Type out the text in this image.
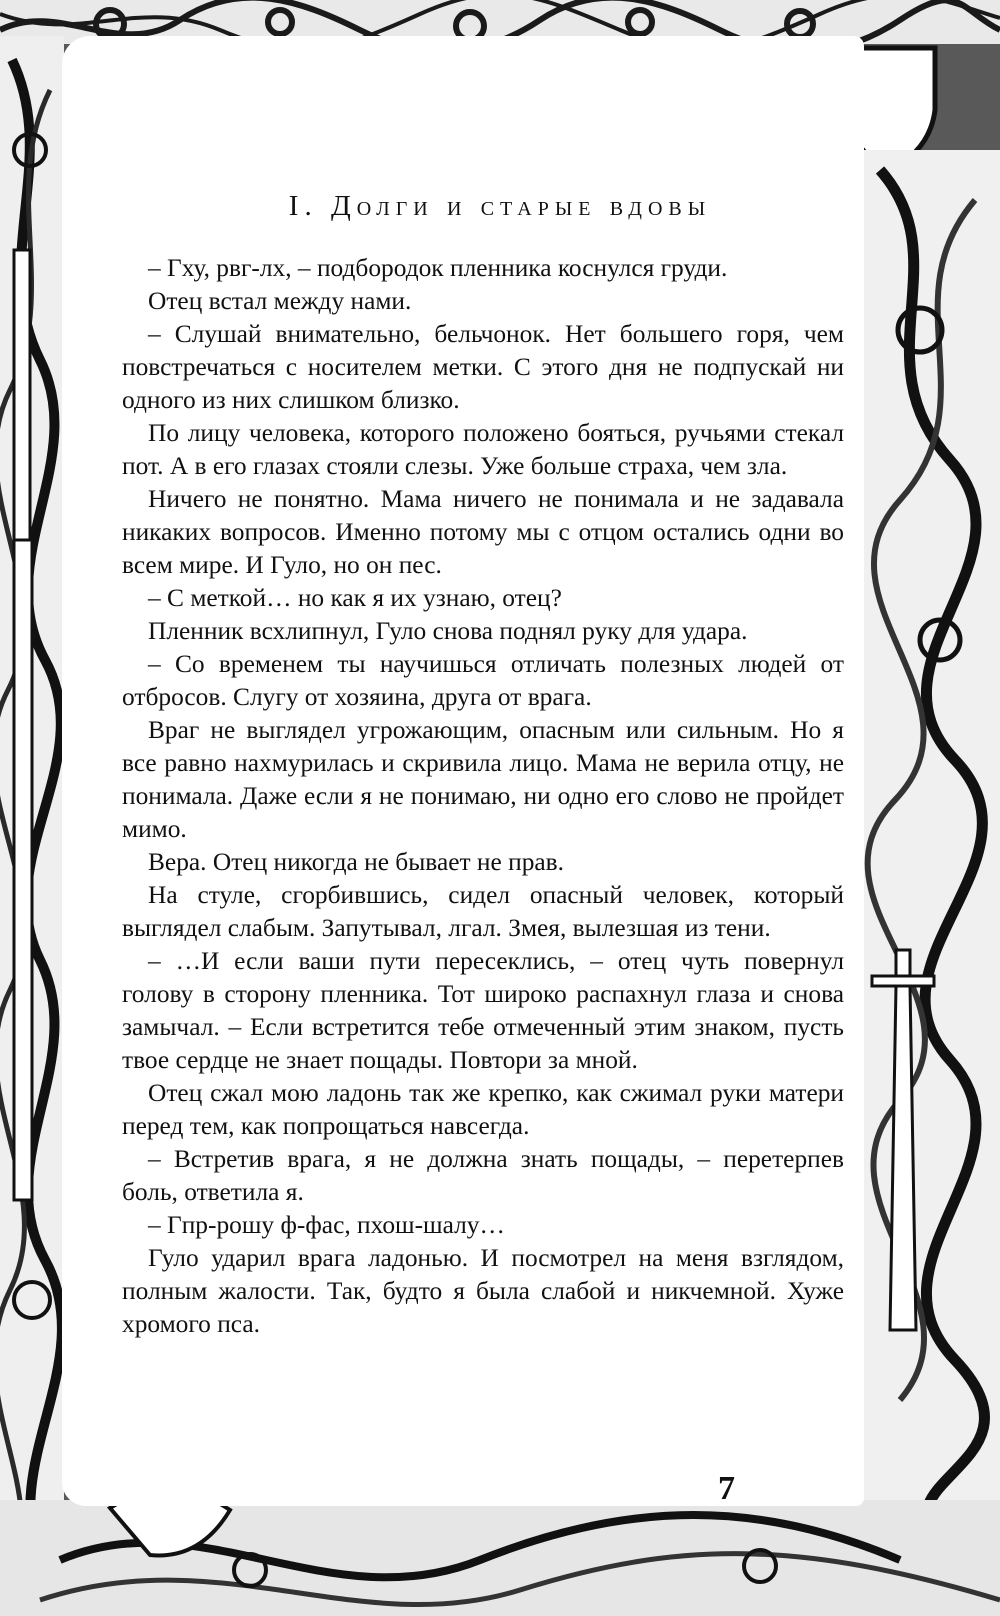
I. Долги и старые вдовы

– Гху, рвг-лх, – подбородок пленника коснулся груди.

Отец встал между нами.

– Слушай внимательно, бельчонок. Нет большего горя, чем повстречаться с носителем метки. С этого дня не подпускай ни одного из них слишком близко.

По лицу человека, которого положено бояться, ручьями стекал пот. А в его глазах стояли слезы. Уже больше страха, чем зла.

Ничего не понятно. Мама ничего не понимала и не задавала никаких вопросов. Именно потому мы с отцом остались одни во всем мире. И Гуло, но он пес.

– С меткой… но как я их узнаю, отец?

Пленник всхлипнул, Гуло снова поднял руку для удара.

– Со временем ты научишься отличать полезных людей от отбросов. Слугу от хозяина, друга от врага.

Враг не выглядел угрожающим, опасным или сильным. Но я все равно нахмурилась и скривила лицо. Мама не верила отцу, не понимала. Даже если я не понимаю, ни одно его слово не пройдет мимо.

Вера. Отец никогда не бывает не прав.

На стуле, сгорбившись, сидел опасный человек, который выглядел слабым. Запутывал, лгал. Змея, вылезшая из тени.

– …И если ваши пути пересеклись, – отец чуть повернул голову в сторону пленника. Тот широко распахнул глаза и снова замычал. – Если встретится тебе отмеченный этим знаком, пусть твое сердце не знает пощады. Повтори за мной.

Отец сжал мою ладонь так же крепко, как сжимал руки матери перед тем, как попрощаться навсегда.

– Встретив врага, я не должна знать пощады, – перетерпев боль, ответила я.

– Гпр-рошу ф-фас, пхош-шалу…

Гуло ударил врага ладонью. И посмотрел на меня взглядом, полным жалости. Так, будто я была слабой и никчемной. Хуже хромого пса.

7
